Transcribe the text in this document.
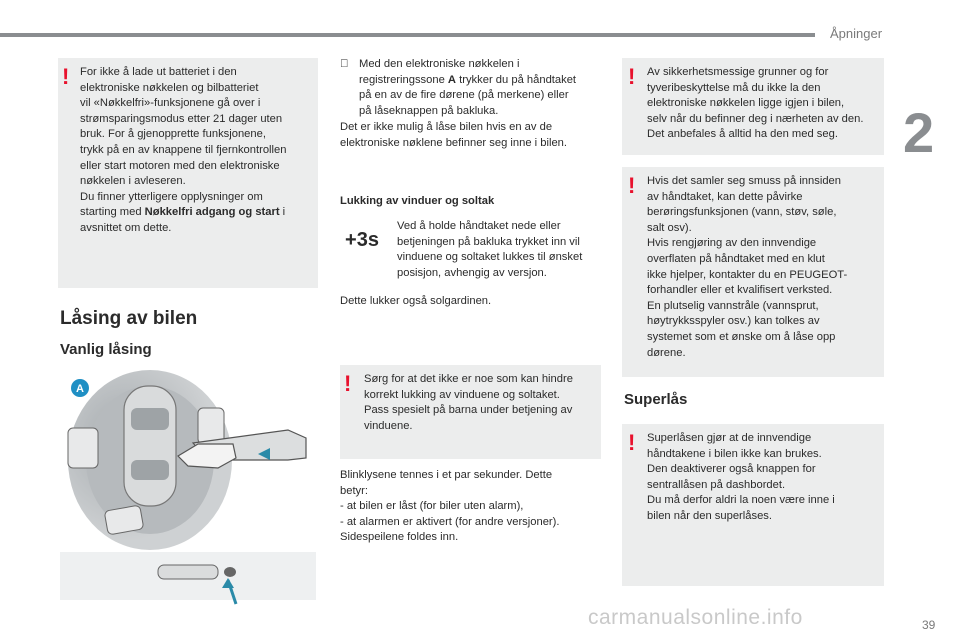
Åpninger
2
! For ikke å lade ut batteriet i den
elektroniske nøkkelen og bilbatteriet
vil «Nøkkelfri»-funksjonene gå over i
strømsparingsmodus etter 21 dager uten
bruk. For å gjenopprette funksjonene,
trykk på en av knappene til fjernkontrollen
eller start motoren med den elektroniske
nøkkelen i avleseren.
Du finner ytterligere opplysninger om
starting med Nøkkelfri adgang og start i
avsnittet om dette.
Låsing av bilen
Vanlig låsing
A
Med den elektroniske nøkkelen i
registreringssone A trykker du på håndtaket
på en av de fire dørene (på merkene) eller
på låseknappen på bakluka.
Det er ikke mulig å låse bilen hvis en av de
elektroniske nøklene befinner seg inne i bilen.
Lukking av vinduer og soltak
+3s
Ved å holde håndtaket nede eller
betjeningen på bakluka trykket inn vil
vinduene og soltaket lukkes til ønsket
posisjon, avhengig av versjon.
Dette lukker også solgardinen.
! Sørg for at det ikke er noe som kan hindre
korrekt lukking av vinduene og soltaket.
Pass spesielt på barna under betjening av
vinduene.
Blinklysene tennes i et par sekunder. Dette
betyr:
- at bilen er låst (for biler uten alarm),
- at alarmen er aktivert (for andre versjoner).
Sidespeilene foldes inn.
! Av sikkerhetsmessige grunner og for
tyveribeskyttelse må du ikke la den
elektroniske nøkkelen ligge igjen i bilen,
selv når du befinner deg i nærheten av den.
Det anbefales å alltid ha den med seg.
! Hvis det samler seg smuss på innsiden
av håndtaket, kan dette påvirke
berøringsfunksjonen (vann, støv, søle,
salt osv).
Hvis rengjøring av den innvendige
overflaten på håndtaket med en klut
ikke hjelper, kontakter du en PEUGEOT-
forhandler eller et kvalifisert verksted.
En plutselig vannstråle (vannsprut,
høytrykksspyler osv.) kan tolkes av
systemet som et ønske om å låse opp
dørene.
Superlås
! Superlåsen gjør at de innvendige
håndtakene i bilen ikke kan brukes.
Den deaktiverer også knappen for
sentrallåsen på dashbordet.
Du må derfor aldri la noen være inne i
bilen når den superlåses.
carmanualsonline.info	39
